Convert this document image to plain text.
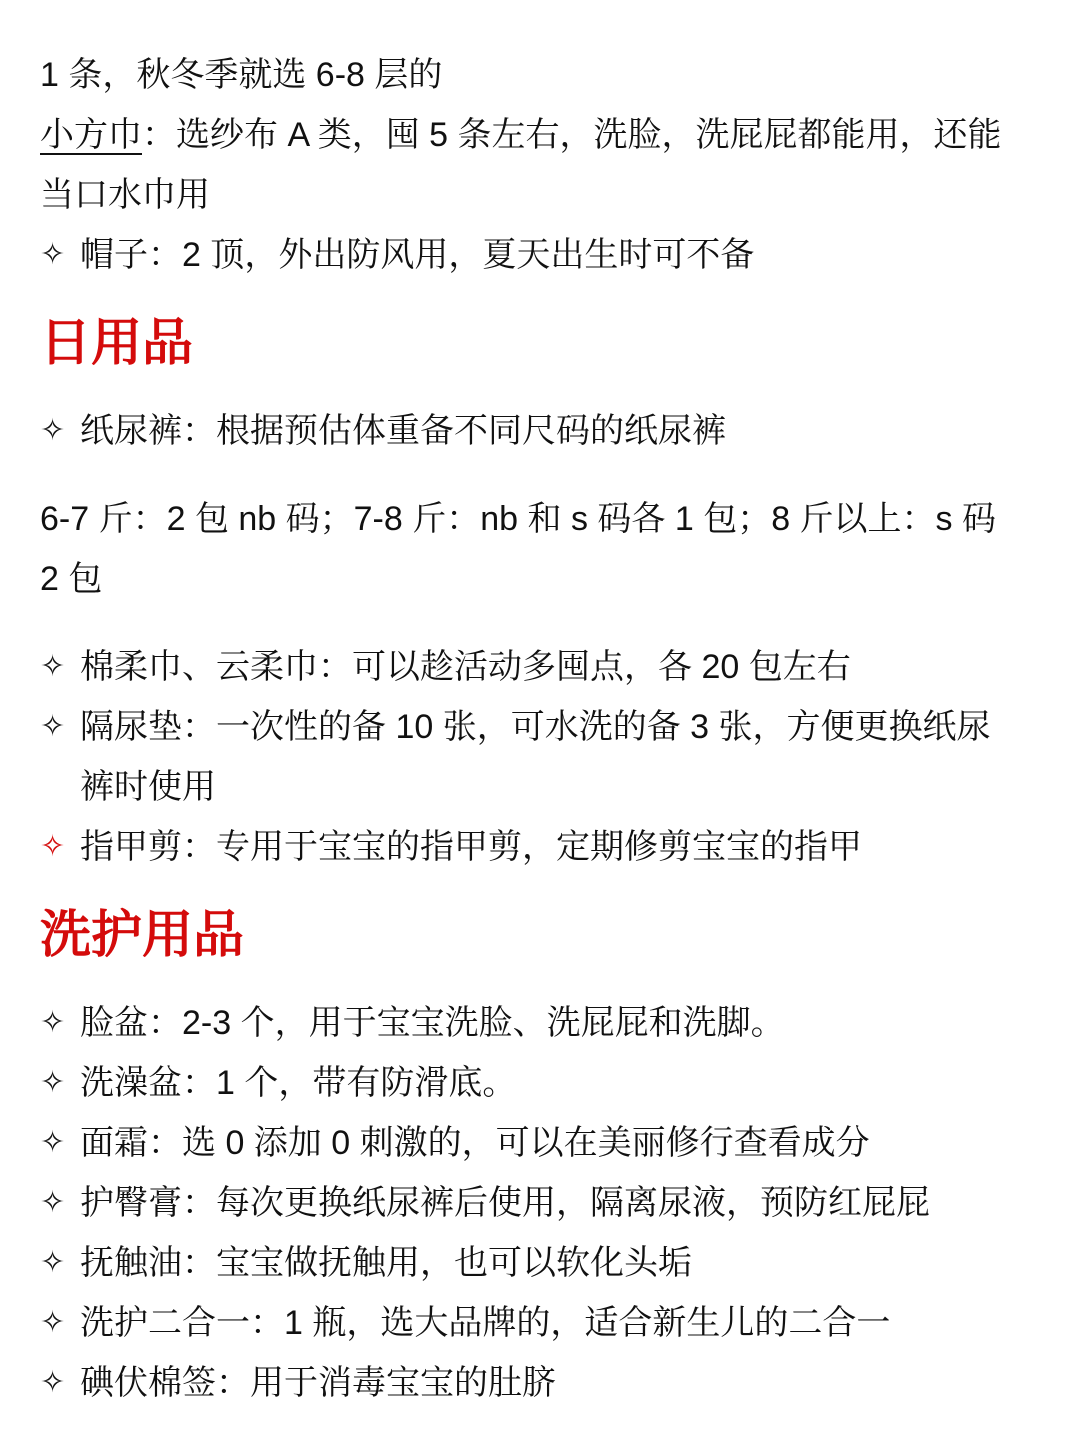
1 条，秋冬季就选 6-8 层的

小方巾：选纱布 A 类，囤 5 条左右，洗脸，洗屁屁都能用，还能当口水巾用

✧ 帽子：2 顶，外出防风用，夏天出生时可不备
日用品
✧ 纸尿裤：根据预估体重备不同尺码的纸尿裤

6-7 斤：2 包 nb 码；7-8 斤：nb 和 s 码各 1 包；8 斤以上：s 码 2 包

✧ 棉柔巾、云柔巾：可以趁活动多囤点，各 20 包左右
✧ 隔尿垫：一次性的备 10 张，可水洗的备 3 张，方便更换纸尿裤时使用
✧ 指甲剪：专用于宝宝的指甲剪，定期修剪宝宝的指甲
洗护用品
✧ 脸盆：2-3 个，用于宝宝洗脸、洗屁屁和洗脚。
✧ 洗澡盆：1 个，带有防滑底。
✧ 面霜：选 0 添加 0 刺激的，可以在美丽修行查看成分
✧ 护臀膏：每次更换纸尿裤后使用，隔离尿液，预防红屁屁
✧ 抚触油：宝宝做抚触用，也可以软化头垢
✧ 洗护二合一：1 瓶，选大品牌的，适合新生儿的二合一
✧ 碘伏棉签：用于消毒宝宝的肚脐
